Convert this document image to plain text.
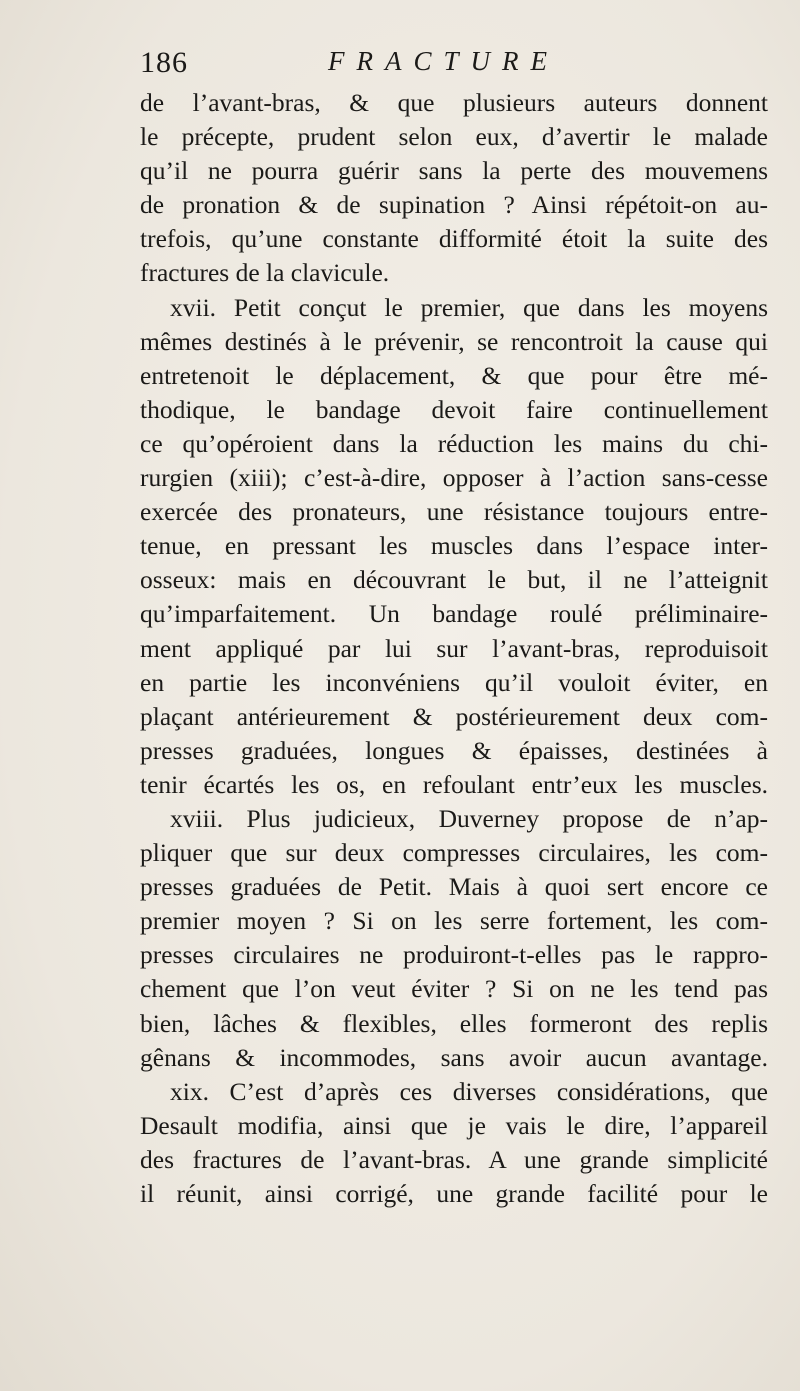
186	FRACTURE
de l’avant-bras, & que plusieurs auteurs donnent
le précepte, prudent selon eux, d’avertir le malade
qu’il ne pourra guérir sans la perte des mouvemens
de pronation & de supination ? Ainsi répétoit-on au-
trefois, qu’une constante difformité étoit la suite des
fractures de la clavicule.
xvii. Petit conçut le premier, que dans les moyens
mêmes destinés à le prévenir, se rencontroit la cause qui
entretenoit le déplacement, & que pour être mé-
thodique, le bandage devoit faire continuellement
ce qu’opéroient dans la réduction les mains du chi-
rurgien (xiii); c’est-à-dire, opposer à l’action sans-cesse
exercée des pronateurs, une résistance toujours entre-
tenue, en pressant les muscles dans l’espace inter-
osseux: mais en découvrant le but, il ne l’atteignit
qu’imparfaitement. Un bandage roulé préliminaire-
ment appliqué par lui sur l’avant-bras, reproduisoit
en partie les inconvéniens qu’il vouloit éviter, en
plaçant antérieurement & postérieurement deux com-
presses graduées, longues & épaisses, destinées à
tenir écartés les os, en refoulant entr’eux les muscles.
xviii. Plus judicieux, Duverney propose de n’ap-
pliquer que sur deux compresses circulaires, les com-
presses graduées de Petit. Mais à quoi sert encore ce
premier moyen ? Si on les serre fortement, les com-
presses circulaires ne produiront-t-elles pas le rappro-
chement que l’on veut éviter ? Si on ne les tend pas
bien, lâches & flexibles, elles formeront des replis
gênans & incommodes, sans avoir aucun avantage.
xix. C’est d’après ces diverses considérations, que
Desault modifia, ainsi que je vais le dire, l’appareil
des fractures de l’avant-bras. A une grande simplicité
il réunit, ainsi corrigé, une grande facilité pour le
